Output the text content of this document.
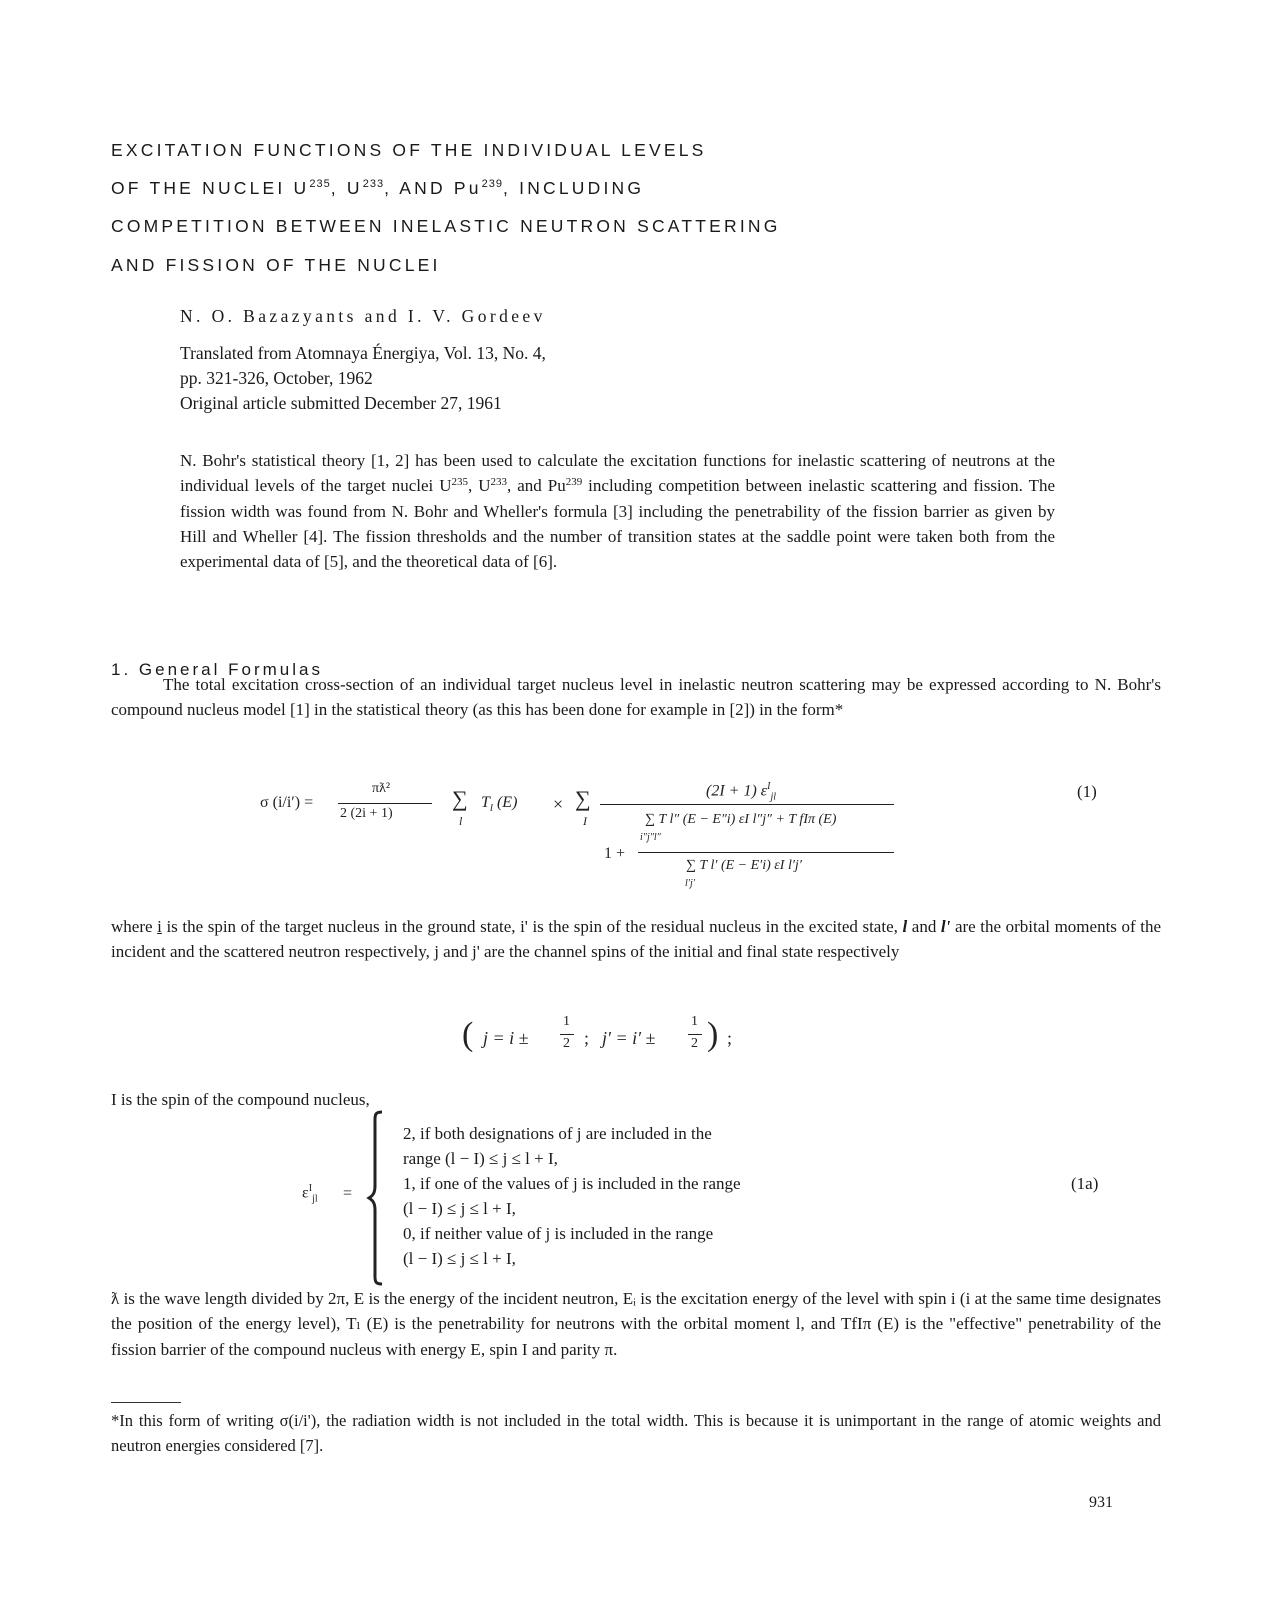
EXCITATION FUNCTIONS OF THE INDIVIDUAL LEVELS
OF THE NUCLEI $U^{235}$, $U^{233}$, AND Pu$^{239}$, INCLUDING
COMPETITION BETWEEN INELASTIC NEUTRON SCATTERING
AND FISSION OF THE NUCLEI
N. O. Bazazyants and I. V. Gordeev
Translated from Atomnaya Énergiya, Vol. 13, No. 4,
pp. 321-326, October, 1962
Original article submitted December 27, 1961
N. Bohr's statistical theory [1, 2] has been used to calculate the excitation functions for inelastic scattering of neutrons at the individual levels of the target nuclei $U^{235}$, $U^{233}$, and Pu$^{239}$ including competition between inelastic scattering and fission. The fission width was found from N. Bohr and Wheller's formula [3] including the penetrability of the fission barrier as given by Hill and Wheller [4]. The fission thresholds and the number of transition states at the saddle point were taken both from the experimental data of [5], and the theoretical data of [6].
1. General Formulas
The total excitation cross-section of an individual target nucleus level in inelastic neutron scattering may be expressed according to N. Bohr's compound nucleus model [1] in the statistical theory (as this has been done for example in [2]) in the form*
σ (i/i′) =
πƛ²
2 (2i + 1)
∑
l
$T_l$ (E) × ∑
I
(2I + 1) $\varepsilon^I_{jl}$
∑ T l″ (E − E″i) εI l″j″ + T fIπ (E)
i″j″l″
1 +
∑ T l′ (E − E′i) εI l′j′
l′j′
(1)
where i is the spin of the target nucleus in the ground state, i' is the spin of the residual nucleus in the excited state, l and l' are the orbital moments of the incident and the scattered neutron respectively, j and j' are the channel spins of the initial and final state respectively
( j = i ±
1
2 ; j′ = i′ ±
1
2 ) ;
I is the spin of the compound nucleus,
$\varepsilon^I_{jl}$ =
2, if both designations of j are included in the
range (l − I) ≤ j ≤ l + I,
1, if one of the values of j is included in the range
(l − I) ≤ j ≤ l + I,
0, if neither value of j is included in the range
(l − I) ≤ j ≤ l + I,
(1a)
ƛ is the wave length divided by 2π, E is the energy of the incident neutron, Eᵢ is the excitation energy of the level with spin i (i at the same time designates the position of the energy level), Tₗ (E) is the penetrability for neutrons with the orbital moment l, and TfIπ (E) is the "effective" penetrability of the fission barrier of the compound nucleus with energy E, spin I and parity π.
*In this form of writing σ(i/i'), the radiation width is not included in the total width. This is because it is unimportant in the range of atomic weights and neutron energies considered [7].
931
